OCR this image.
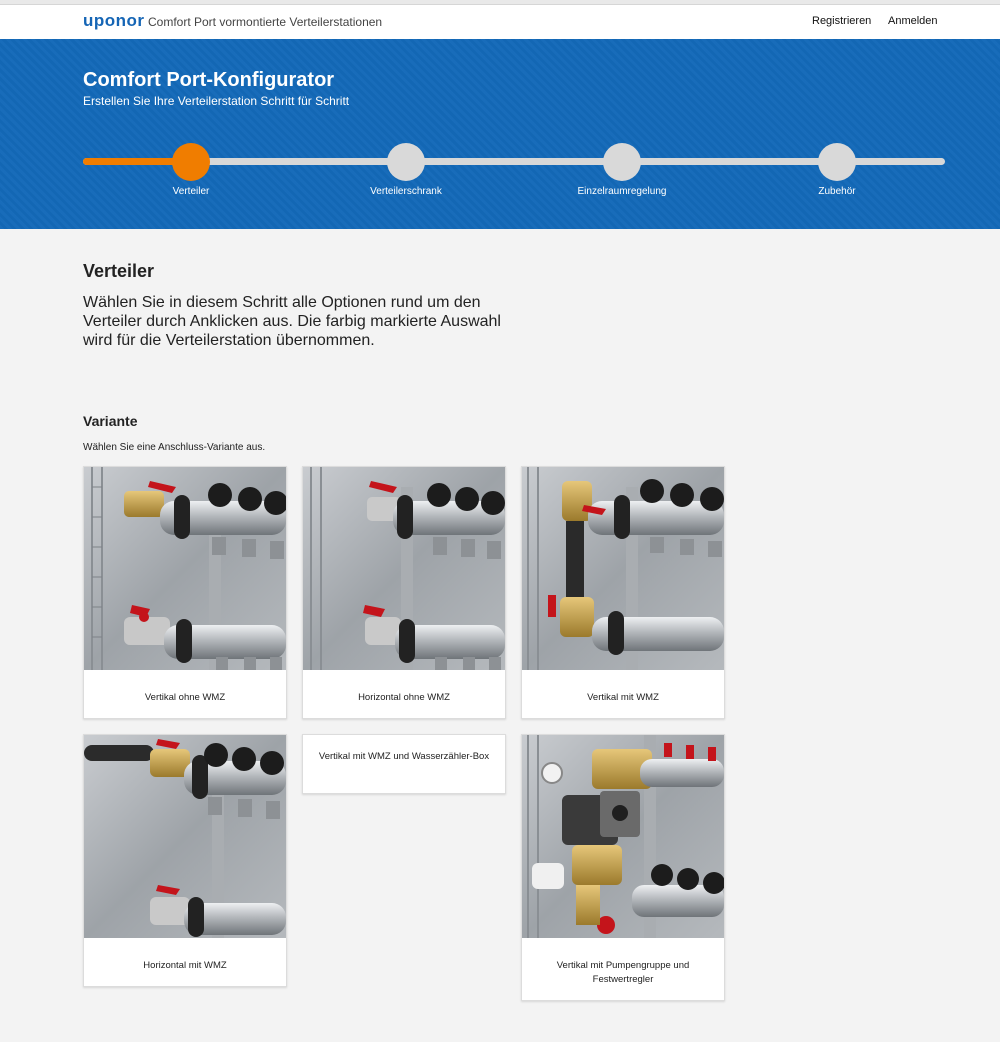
uponor Comfort Port vormontierte Verteilerstationen	Registrieren Anmelden
Comfort Port-Konfigurator
Erstellen Sie Ihre Verteilerstation Schritt für Schritt
Verteiler	Verteilerschrank	Einzelraumregelung	Zubehör
Verteiler

Wählen Sie in diesem Schritt alle Optionen rund um den Verteiler durch Anklicken aus. Die farbig markierte Auswahl wird für die Verteilerstation übernommen.

Variante

Wählen Sie eine Anschluss-Variante aus.

Vertikal ohne WMZ	Horizontal ohne WMZ	Vertikal mit WMZ
Horizontal mit WMZ
Vertikal mit WMZ und Wasserzähler-Box
Vertikal mit Pumpengruppe und Festwertregler
